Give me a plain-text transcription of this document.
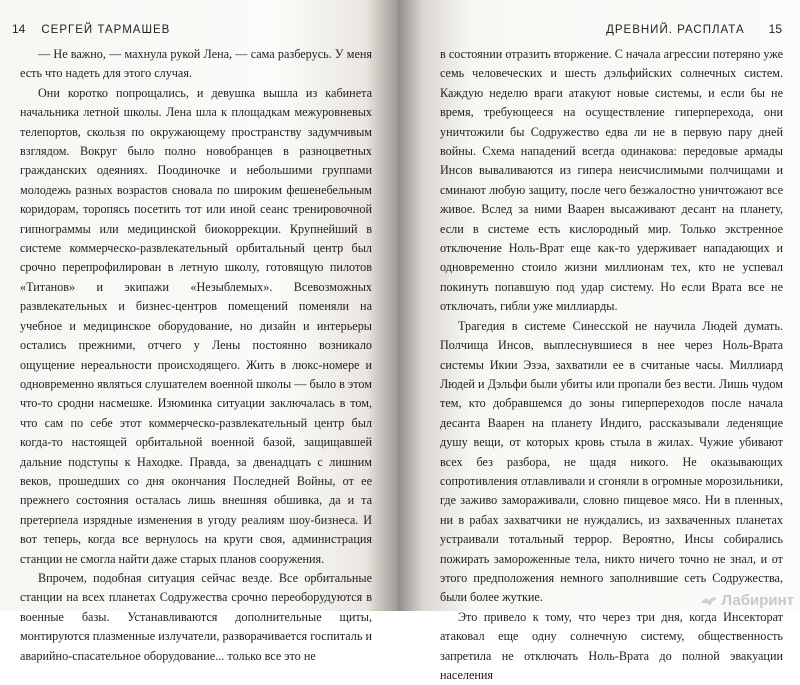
14 СЕРГЕЙ ТАРМАШЕВ

— Не важно, — махнула рукой Лена, — сама разберусь. У меня есть что надеть для этого случая.

Они коротко попрощались, и девушка вышла из кабинета начальника летной школы. Лена шла к площадкам межуровневых телепортов, скользя по окружающему пространству задумчивым взглядом. Вокруг было полно новобранцев в разноцветных гражданских одеяниях. Поодиночке и небольшими группами молодежь разных возрастов сновала по широким фешенебельным коридорам, торопясь посетить тот или иной сеанс тренировочной гипнограммы или медицинской биокоррекции. Крупнейший в системе коммерческо-развлекательный орбитальный центр был срочно перепрофилирован в летную школу, готовящую пилотов «Титанов» и экипажи «Незыблемых». Всевозможных развлекательных и бизнес-центров помещений поменяли на учебное и медицинское оборудование, но дизайн и интерьеры остались прежними, отчего у Лены постоянно возникало ощущение нереальности происходящего. Жить в люкс-номере и одновременно являться слушателем военной школы — было в этом что-то сродни насмешке. Изюминка ситуации заключалась в том, что сам по себе этот коммерческо-развлекательный центр был когда-то настоящей орбитальной военной базой, защищавшей дальние подступы к Находке. Правда, за двенадцать с лишним веков, прошедших со дня окончания Последней Войны, от ее прежнего состояния осталась лишь внешняя обшивка, да и та претерпела изрядные изменения в угоду реалиям шоу-бизнеса. И вот теперь, когда все вернулось на круги своя, администрация станции не смогла найти даже старых планов сооружения.

Впрочем, подобная ситуация сейчас везде. Все орбитальные станции на всех планетах Содружества срочно переоборудуются в военные базы. Устанавливаются дополнительные щиты, монтируются плазменные излучатели, разворачивается госпиталь и аварийно-спасательное оборудование... только все это не

ДРЕВНИЙ. РАСПЛАТА 15

в состоянии отразить вторжение. С начала агрессии потеряно уже семь человеческих и шесть дэльфийских солнечных систем. Каждую неделю враги атакуют новые системы, и если бы не время, требующееся на осуществление гиперперехода, они уничтожили бы Содружество едва ли не в первую пару дней войны. Схема нападений всегда одинакова: передовые армады Инсов вываливаются из гипера неисчислимыми полчищами и сминают любую защиту, после чего безжалостно уничтожают все живое. Вслед за ними Ваарен высаживают десант на планету, если в системе есть кислородный мир. Только экстренное отключение Ноль-Врат еще как-то удерживает нападающих и одновременно стоило жизни миллионам тех, кто не успевал покинуть попавшую под удар систему. Но если Врата все не отключать, гибли уже миллиарды.

Трагедия в системе Синесской не научила Людей думать. Полчища Инсов, выплеснувшиеся в нее через Ноль-Врата системы Икии Эзэа, захватили ее в считаные часы. Миллиард Людей и Дэльфи были убиты или пропали без вести. Лишь чудом тем, кто добравшемся до зоны гиперпереходов после начала десанта Ваарен на планету Индиго, рассказывали леденящие душу вещи, от которых кровь стыла в жилах. Чужие убивают всех без разбора, не щадя никого. Не оказывающих сопротивления отлавливали и сгоняли в огромные морозильники, где заживо замораживали, словно пищевое мясо. Ни в пленных, ни в рабах захватчики не нуждались, из захваченных планетах устраивали тотальный террор. Вероятно, Инсы собирались пожирать замороженные тела, никто ничего точно не знал, и от этого предположения немного заполнившие сеть Содружества, были более жуткие.

Это привело к тому, что через три дня, когда Инсекторат атаковал еще одну солнечную систему, общественность запретила не отключать Ноль-Врата до полной эвакуации населения

Лабиринт
